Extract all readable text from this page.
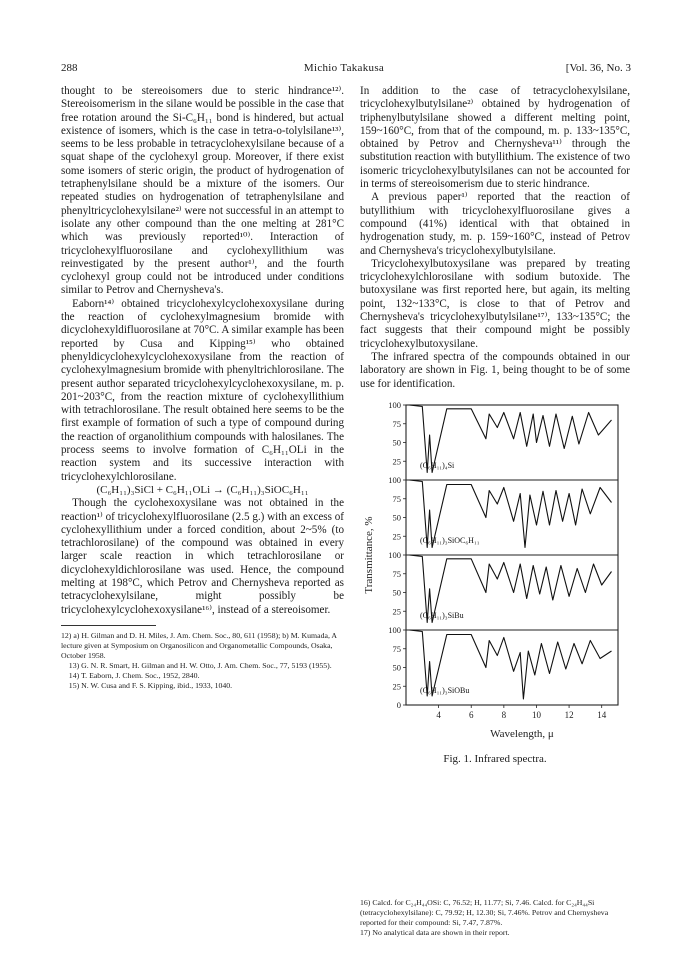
288	Michio Takakusa	[Vol. 36, No. 3

thought to be stereoisomers due to steric hindrance¹²⁾. Stereoisomerism in the silane would be possible in the case that free rotation around the Si-C₆H₁₁ bond is hindered, but actual existence of isomers, which is the case in tetra-o-tolylsilane¹³⁾, seems to be less probable in tetracyclohexylsilane because of a squat shape of the cyclohexyl group. Moreover, if there exist some isomers of steric origin, the product of hydrogenation of tetraphenylsilane should be a mixture of the isomers. Our repeated studies on hydrogenation of tetraphenylsilane and phenyltricyclohexylsilane²⁾ were not successful in an attempt to isolate any other compound than the one melting at 281°C which was previously reported¹⁰⁾. Interaction of tricyclohexylfluorosilane and cyclohexyllithium was reinvestigated by the present author¹⁾, and the fourth cyclohexyl group could not be introduced under conditions similar to Petrov and Chernysheva's.

Eaborn¹⁴⁾ obtained tricyclohexylcyclohexoxysilane during the reaction of cyclohexylmagnesium bromide with dicyclohexyldifluorosilane at 70°C. A similar example has been reported by Cusa and Kipping¹⁵⁾ who obtained phenyldicyclohexylcyclohexoxysilane from the reaction of cyclohexylmagnesium bromide with phenyltrichlorosilane. The present author separated tricyclohexylcyclohexoxysilane, m. p. 201~203°C, from the reaction mixture of cyclohexyllithium with tetrachlorosilane. The result obtained here seems to be the first example of formation of such a type of compound during the reaction of organolithium compounds with halosilanes. The process seems to involve formation of C₆H₁₁OLi in the reaction system and its successive interaction with tricyclohexylchlorosilane.

(C₆H₁₁)₃SiCl + C₆H₁₁OLi → (C₆H₁₁)₃SiOC₆H₁₁

Though the cyclohexoxysilane was not obtained in the reaction¹⁾ of tricyclohexylfluorosilane (2.5 g.) with an excess of cyclohexyllithium under a forced condition, about 2~5% (to tetrachlorosilane) of the compound was obtained in every larger scale reaction in which tetrachlorosilane or dicyclohexyldichlorosilane was used. Hence, the compound melting at 198°C, which Petrov and Chernysheva reported as tetracyclohexylsilane, might possibly be tricyclohexylcyclohexoxysilane¹⁶⁾, instead of a stereoisomer.

12) a) H. Gilman and D. H. Miles, J. Am. Chem. Soc., 80, 611 (1958); b) M. Kumada, A lecture given at Symposium on Organosilicon and Organometallic Compounds, Osaka, October 1958.

13) G. N. R. Smart, H. Gilman and H. W. Otto, J. Am. Chem. Soc., 77, 5193 (1955).

14) T. Eaborn, J. Chem. Soc., 1952, 2840.

15) N. W. Cusa and F. S. Kipping, ibid., 1933, 1040.

In addition to the case of tetracyclohexylsilane, tricyclohexylbutylsilane²⁾ obtained by hydrogenation of triphenylbutylsilane showed a different melting point, 159~160°C, from that of the compound, m. p. 133~135°C, obtained by Petrov and Chernysheva¹¹⁾ through the substitution reaction with butyllithium. The existence of two isomeric tricyclohexylbutylsilanes can not be accounted for in terms of stereoisomerism due to steric hindrance.

A previous paper¹⁾ reported that the reaction of butyllithium with tricyclohexylfluorosilane gives a compound (41%) identical with that obtained in hydrogenation study, m. p. 159~160°C, instead of Petrov and Chernysheva's tricyclohexylbutylsilane.

Tricyclohexylbutoxysilane was prepared by treating tricyclohexylchlorosilane with sodium butoxide. The butoxysilane was first reported here, but again, its melting point, 132~133°C, is close to that of Petrov and Chernysheva's tricyclohexylbutylsilane¹⁷⁾, 133~135°C; the fact suggests that their compound might be possibly tricyclohexylbutoxysilane.

The infrared spectra of the compounds obtained in our laboratory are shown in Fig. 1, being thought to be of some use for identification.

100
75
50
25 (C₆H₁₁)₄Si
100
75
50
25 (C₆H₁₁)₃SiOC₆H₁₁
100
75
50
25 (C₆H₁₁)₃SiBu
100
75
50
25
0
(C₆H₁₁)₃SiOBu
4	6	8	10	12	14
Wavelength, μ
Transmittance, %
Fig. 1. Infrared spectra.

16) Calcd. for C₂₄H₄₄OSi: C, 76.52; H, 11.77; Si, 7.46. Calcd. for C₂₄H₄₄Si (tetracyclohexylsilane): C, 79.92; H, 12.30; Si, 7.46%. Petrov and Chernysheva reported for their compound: Si, 7.47, 7.87%.

17) No analytical data are shown in their report.
